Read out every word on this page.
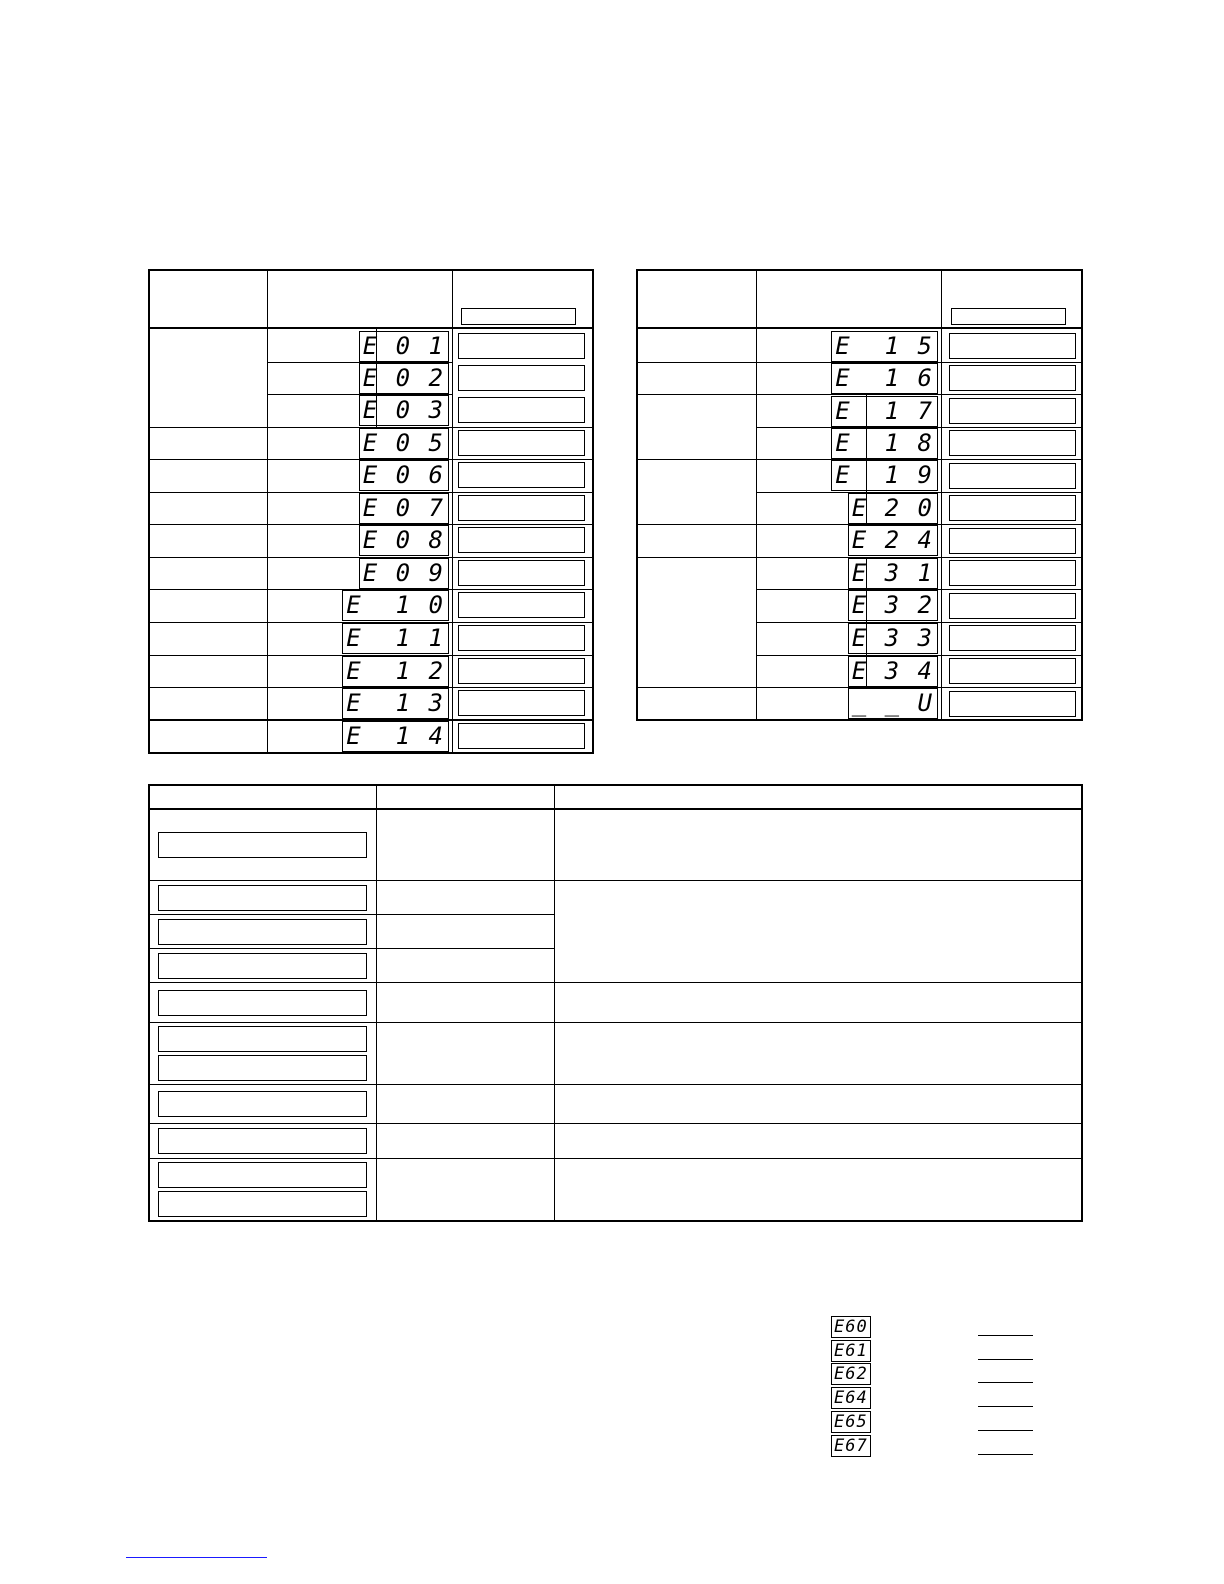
E 0 1
E 0 2
E 0 3
E 0 5
E 0 6
E 0 7
E 0 8
E 0 9
E  1 0
E  1 1
E  1 2
E  1 3
E  1 4
E  1 5
E  1 6
E  1 7
E  1 8
E  1 9
E 2 0
E 2 4
E 3 1
E 3 2
E 3 3
E 3 4
_ _ U
E60
E61
E62
E64
E65
E67
